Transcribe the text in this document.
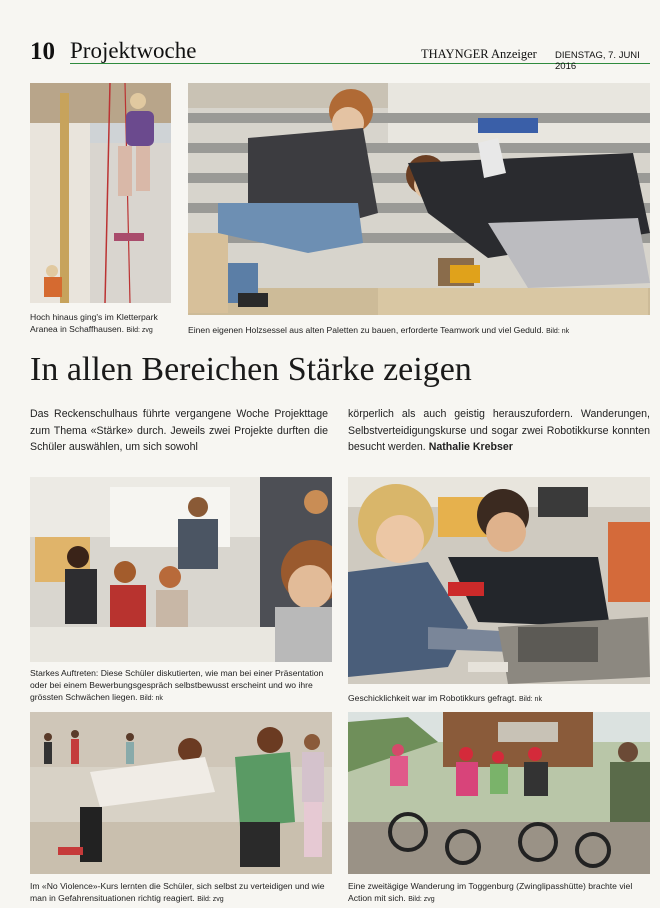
10 Projektwoche	THAYNGER Anzeiger DIENSTAG, 7. JUNI 2016
Hoch hinaus ging's im Kletterpark Aranea in Schaffhausen. Bild: zvg	Einen eigenen Holzsessel aus alten Paletten zu bauen, erforderte Teamwork und viel Geduld. Bild: nk
In allen Bereichen Stärke zeigen
Das Reckenschulhaus führte vergangene Woche Projekttage zum Thema «Stärke» durch. Jeweils zwei Projekte durften die Schüler auswählen, um sich sowohl
körperlich als auch geistig herauszufordern. Wanderungen, Selbstverteidigungskurse und sogar zwei Robotikkurse konnten besucht werden. Nathalie Krebser
Starkes Auftreten: Diese Schüler diskutierten, wie man bei einer Präsentation oder bei einem Bewerbungsgespräch selbstbewusst erscheint und wo ihre grössten Schwächen liegen. Bild: nk	Geschicklichkeit war im Robotikkurs gefragt. Bild: nk
Im «No Violence»-Kurs lernten die Schüler, sich selbst zu verteidigen und wie man in Gefahrensituationen richtig reagiert. Bild: zvg
Eine zweitägige Wanderung im Toggenburg (Zwinglipasshütte) brachte viel Action mit sich. Bild: zvg
